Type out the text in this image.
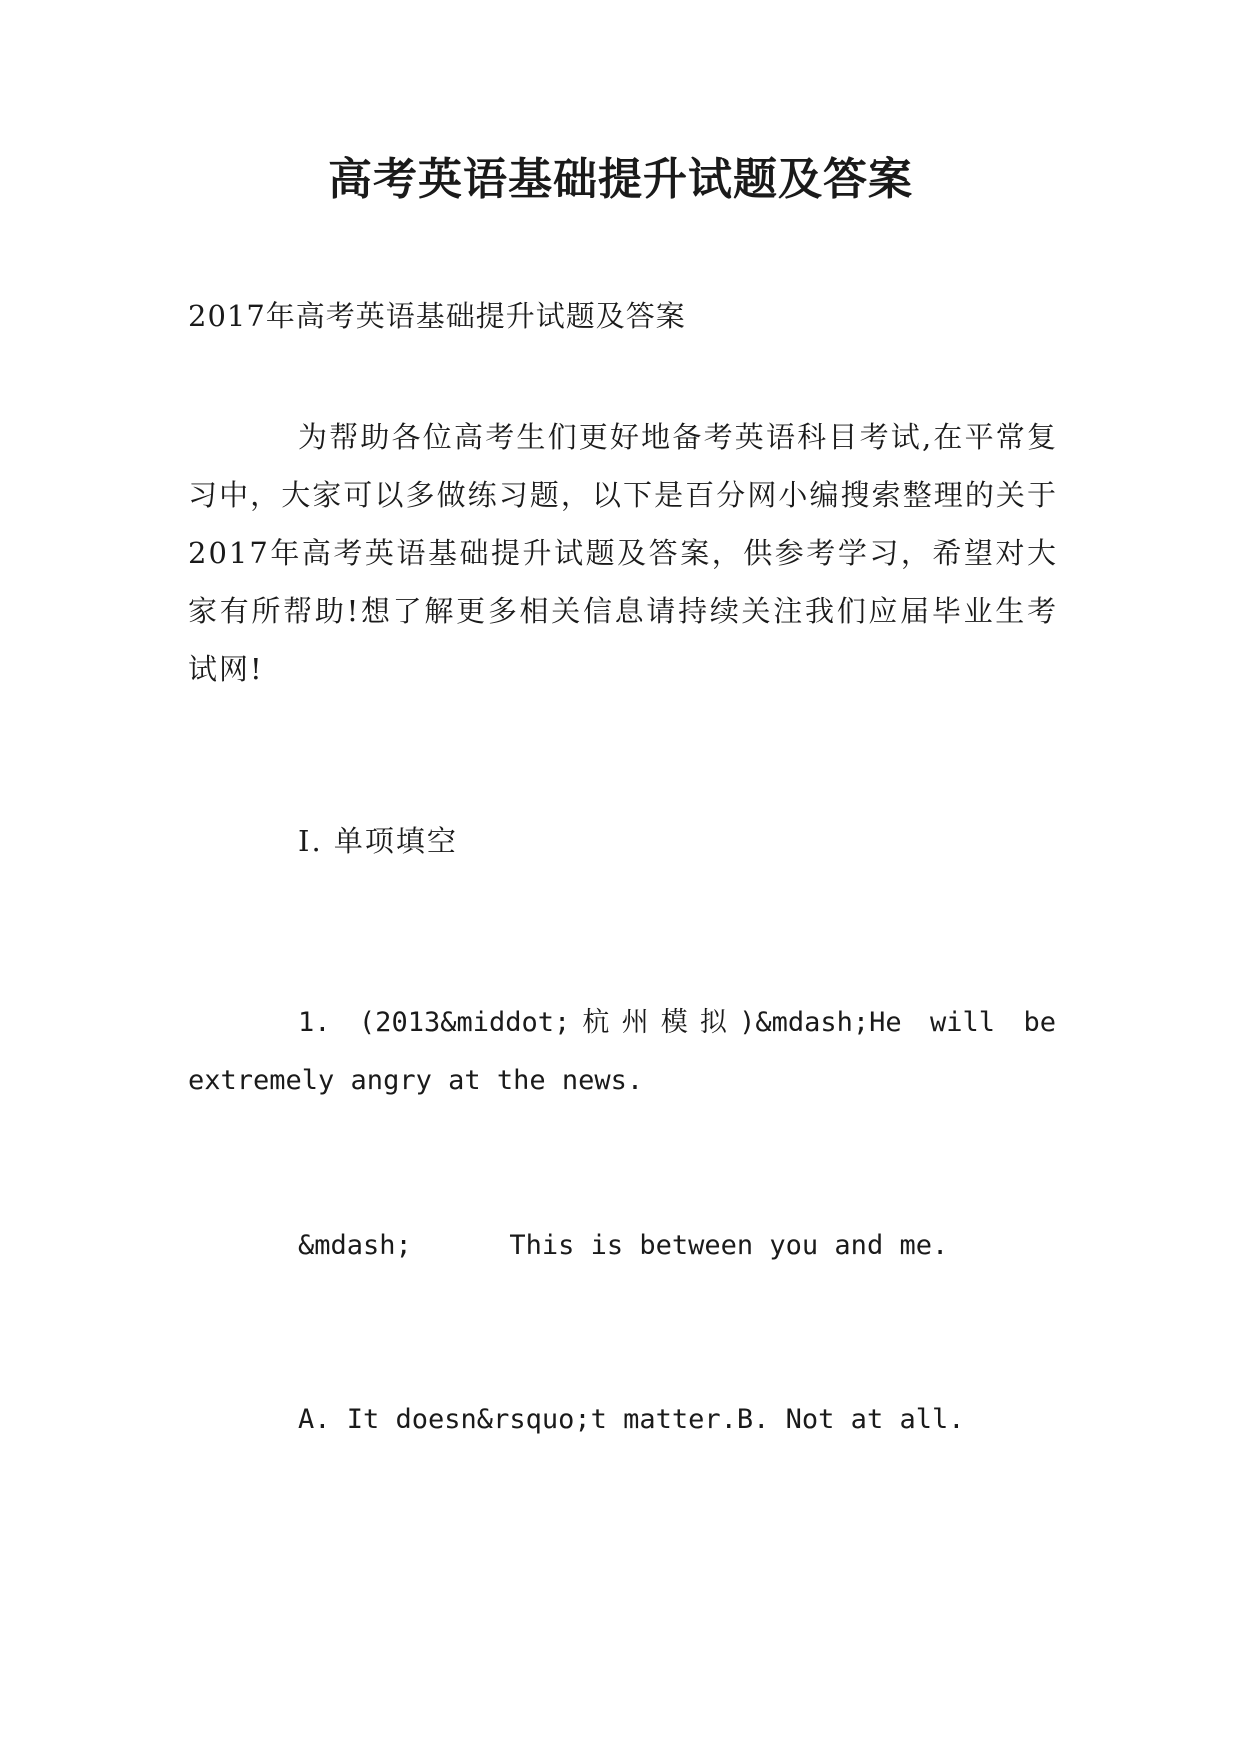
高考英语基础提升试题及答案
2017年高考英语基础提升试题及答案
为帮助各位高考生们更好地备考英语科目考试,在平常复习中，大家可以多做练习题，以下是百分网小编搜索整理的关于2017年高考英语基础提升试题及答案，供参考学习，希望对大家有所帮助!想了解更多相关信息请持续关注我们应届毕业生考试网!
Ⅰ. 单项填空
1. (2013&middot;杭州模拟)&mdash;He will be extremely angry at the news.
&mdash;      This is between you and me.
A. It doesn&rsquo;t matter.B. Not at all.
